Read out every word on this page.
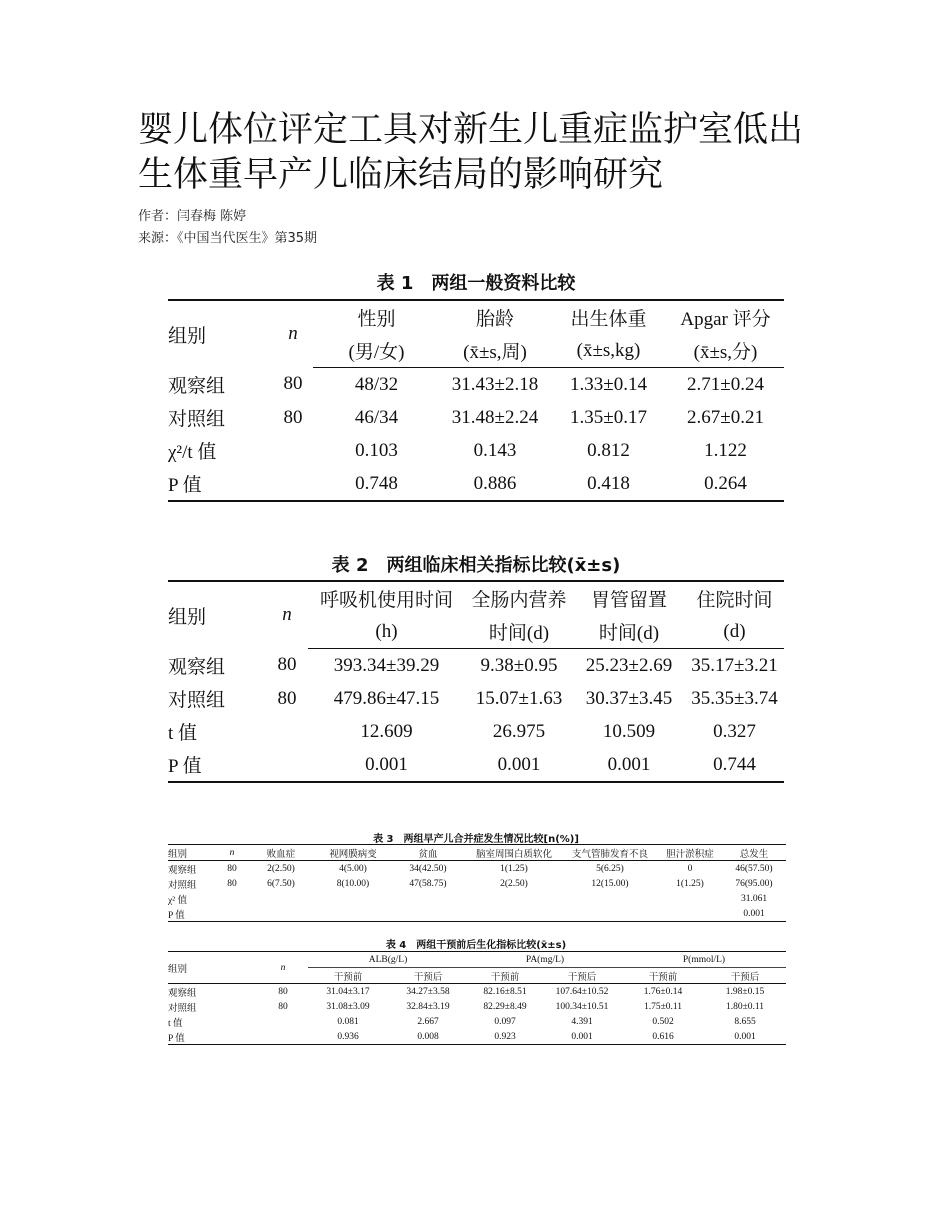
婴儿体位评定工具对新生儿重症监护室低出生体重早产儿临床结局的影响研究
作者：闫春梅 陈婷
来源：《中国当代医生》第35期
表 1　两组一般资料比较
组别	n	性别	胎龄	出生体重	Apgar 评分
		(男/女)	(x̄±s,周)	(x̄±s,kg)	(x̄±s,分)
观察组	80	48/32	31.43±2.18	1.33±0.14	2.71±0.24
对照组	80	46/34	31.48±2.24	1.35±0.17	2.67±0.21
χ²/t 值		0.103	0.143	0.812	1.122
P 值		0.748	0.886	0.418	0.264
表 2　两组临床相关指标比较(x̄±s)
组别	n	呼吸机使用时间	全肠内营养	胃管留置	住院时间
		(h)	时间(d)	时间(d)	(d)
观察组	80	393.34±39.29	9.38±0.95	25.23±2.69	35.17±3.21
对照组	80	479.86±47.15	15.07±1.63	30.37±3.45	35.35±3.74
t 值		12.609	26.975	10.509	0.327
P 值		0.001	0.001	0.001	0.744
表 3　两组早产儿合并症发生情况比较[n(%)]
组别	n	败血症	视网膜病变	贫血	脑室周围白质软化	支气管肺发育不良	胆汁淤积症	总发生
观察组	80	2(2.50)	4(5.00)	34(42.50)	1(1.25)	5(6.25)	0	46(57.50)
对照组	80	6(7.50)	8(10.00)	47(58.75)	2(2.50)	12(15.00)	1(1.25)	76(95.00)
χ² 值								31.061
P 值								0.001
表 4　两组干预前后生化指标比较(x̄±s)
组别	n	ALB(g/L)		PA(mg/L)		P(mmol/L)	
		干预前	干预后	干预前	干预后	干预前	干预后
观察组	80	31.04±3.17	34.27±3.58	82.16±8.51	107.64±10.52	1.76±0.14	1.98±0.15
对照组	80	31.08±3.09	32.84±3.19	82.29±8.49	100.34±10.51	1.75±0.11	1.80±0.11
t 值		0.081	2.667	0.097	4.391	0.502	8.655
P 值		0.936	0.008	0.923	0.001	0.616	0.001
